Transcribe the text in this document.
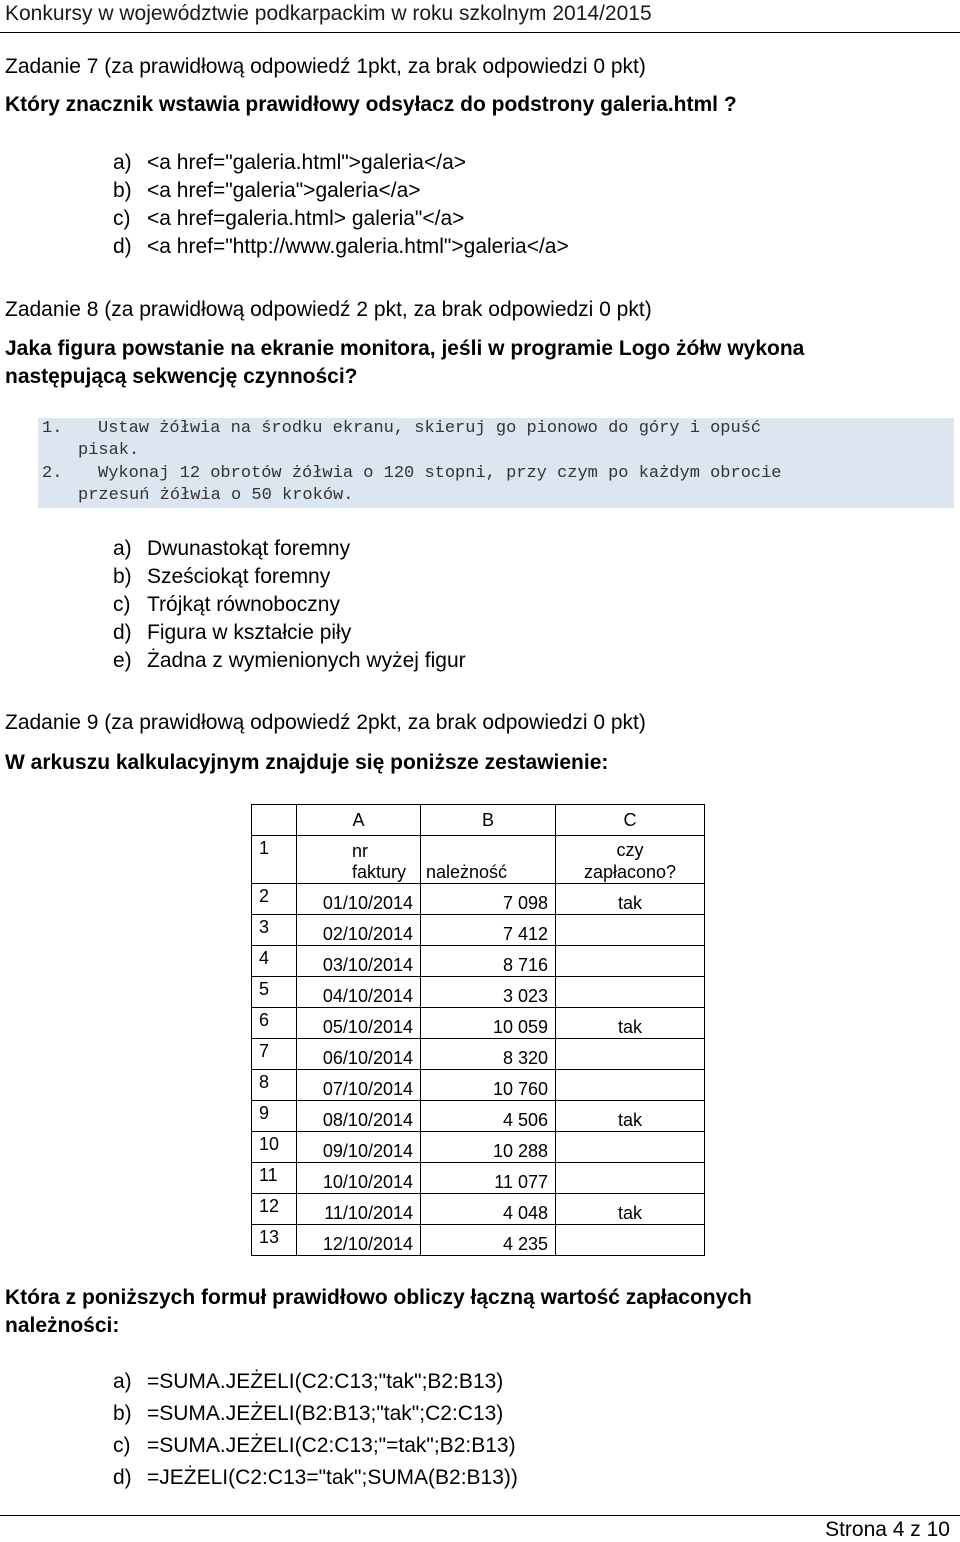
Konkursy w województwie podkarpackim w roku szkolnym 2014/2015
Zadanie 7 (za prawidłową odpowiedź 1pkt, za brak odpowiedzi 0 pkt)
Który znacznik wstawia prawidłowy odsyłacz do podstrony galeria.html ?
a) <a href="galeria.html">galeria</a>
b) <a href="galeria">galeria</a>
c) <a href=galeria.html> galeria"</a>
d) <a href="http://www.galeria.html">galeria</a>
Zadanie 8 (za prawidłową odpowiedź 2 pkt, za brak odpowiedzi 0 pkt)
Jaka figura powstanie na ekranie monitora, jeśli w programie Logo żółw wykona
następującą sekwencję czynności?
1. Ustaw żółwia na środku ekranu, skieruj go pionowo do góry i opuść
pisak.
2. Wykonaj 12 obrotów żółwia o 120 stopni, przy czym po każdym obrocie
przesuń żółwia o 50 kroków.
a) Dwunastokąt foremny
b) Sześciokąt foremny
c) Trójkąt równoboczny
d) Figura w kształcie piły
e) Żadna z wymienionych wyżej figur
Zadanie 9 (za prawidłową odpowiedź 2pkt, za brak odpowiedzi 0 pkt)
W arkuszu kalkulacyjnym znajduje się poniższe zestawienie:
	A	B	C

1	nr faktury	należność	czy
zapłacono?

2	01/10/2014	7 098	tak

3	02/10/2014	7 412	

4	03/10/2014	8 716	

5	04/10/2014	3 023	

6	05/10/2014	10 059	tak

7	06/10/2014	8 320	

8	07/10/2014	10 760	

9	08/10/2014	4 506	tak

10	09/10/2014	10 288	

11	10/10/2014	11 077	

12	11/10/2014	4 048	tak

13	12/10/2014	4 235	

Która z poniższych formuł prawidłowo obliczy łączną wartość zapłaconych
należności:
a) =SUMA.JEŻELI(C2:C13;"tak";B2:B13)
b) =SUMA.JEŻELI(B2:B13;"tak";C2:C13)
c) =SUMA.JEŻELI(C2:C13;"=tak";B2:B13)
d) =JEŻELI(C2:C13="tak";SUMA(B2:B13))
Strona 4 z 10
